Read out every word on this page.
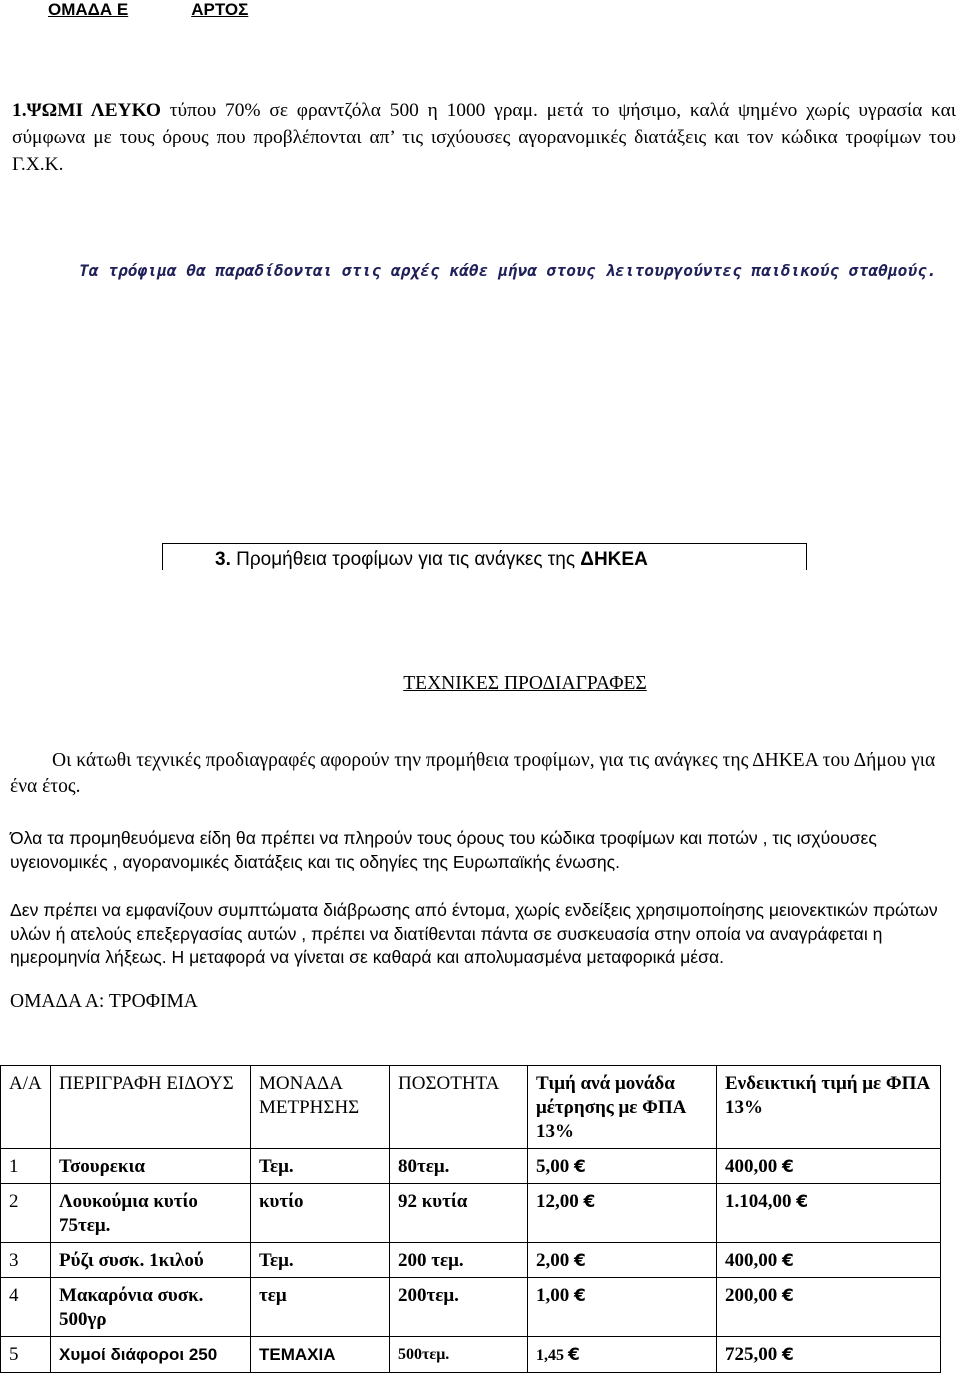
ΟΜΑΔΑ Ε	ΑΡΤΟΣ

1.ΨΩΜΙ ΛΕΥΚΟ τύπου 70% σε φραντζόλα 500 η 1000 γραμ. μετά το ψήσιμο, καλά ψημένο χωρίς υγρασία και σύμφωνα με τους όρους που προβλέπονται απ’ τις ισχύουσες αγορανομικές διατάξεις και τον κώδικα τροφίμων του Γ.Χ.Κ.

Τα τρόφιμα θα παραδίδονται στις αρχές κάθε μήνα στους λειτουργούντες παιδικούς σταθμούς.

3. Προμήθεια τροφίμων για τις ανάγκες της ΔΗΚΕΑ
ΤΕΧΝΙΚΕΣ ΠΡΟΔΙΑΓΡΑΦΕΣ

Οι κάτωθι τεχνικές προδιαγραφές αφορούν την προμήθεια τροφίμων, για τις ανάγκες της ΔΗΚΕΑ του Δήμου για ένα έτος.

Όλα τα προμηθευόμενα είδη θα πρέπει να πληρούν τους όρους του κώδικα τροφίμων και ποτών , τις ισχύουσες υγειονομικές , αγορανομικές διατάξεις και τις οδηγίες της Ευρωπαϊκής ένωσης.

Δεν πρέπει να εμφανίζουν συμπτώματα διάβρωσης από έντομα, χωρίς ενδείξεις χρησιμοποίησης μειονεκτικών πρώτων υλών ή ατελούς επεξεργασίας αυτών , πρέπει να διατίθενται πάντα σε συσκευασία στην οποία να αναγράφεται η ημερομηνία λήξεως. Η μεταφορά να γίνεται σε καθαρά και απολυμασμένα μεταφορικά μέσα.

ΟΜΑΔΑ Α: ΤΡΟΦΙΜΑ
Α/Α	ΠΕΡΙΓΡΑΦΗ ΕΙΔΟΥΣ	ΜΟΝΑΔΑ ΜΕΤΡΗΣΗΣ	ΠΟΣΟΤΗΤΑ	Τιμή ανά μονάδα μέτρησης με ΦΠΑ 13%	Ενδεικτική τιμή με ΦΠΑ 13%
1	Τσουρεκια	Τεμ.	80τεμ.	5,00 €	400,00 €
2	Λουκούμια κυτίο 75τεμ.	κυτίο	92 κυτία	12,00 €	1.104,00 €
3	Ρύζι συσκ. 1κιλού	Τεμ.	200 τεμ.	2,00 €	400,00 €
4	Μακαρόνια συσκ. 500γρ	τεμ	200τεμ.	1,00 €	200,00 €
5	Χυμοί διάφοροι 250	ΤΕΜΑΧΙΑ	500τεμ.	1,45 €	725,00 €
